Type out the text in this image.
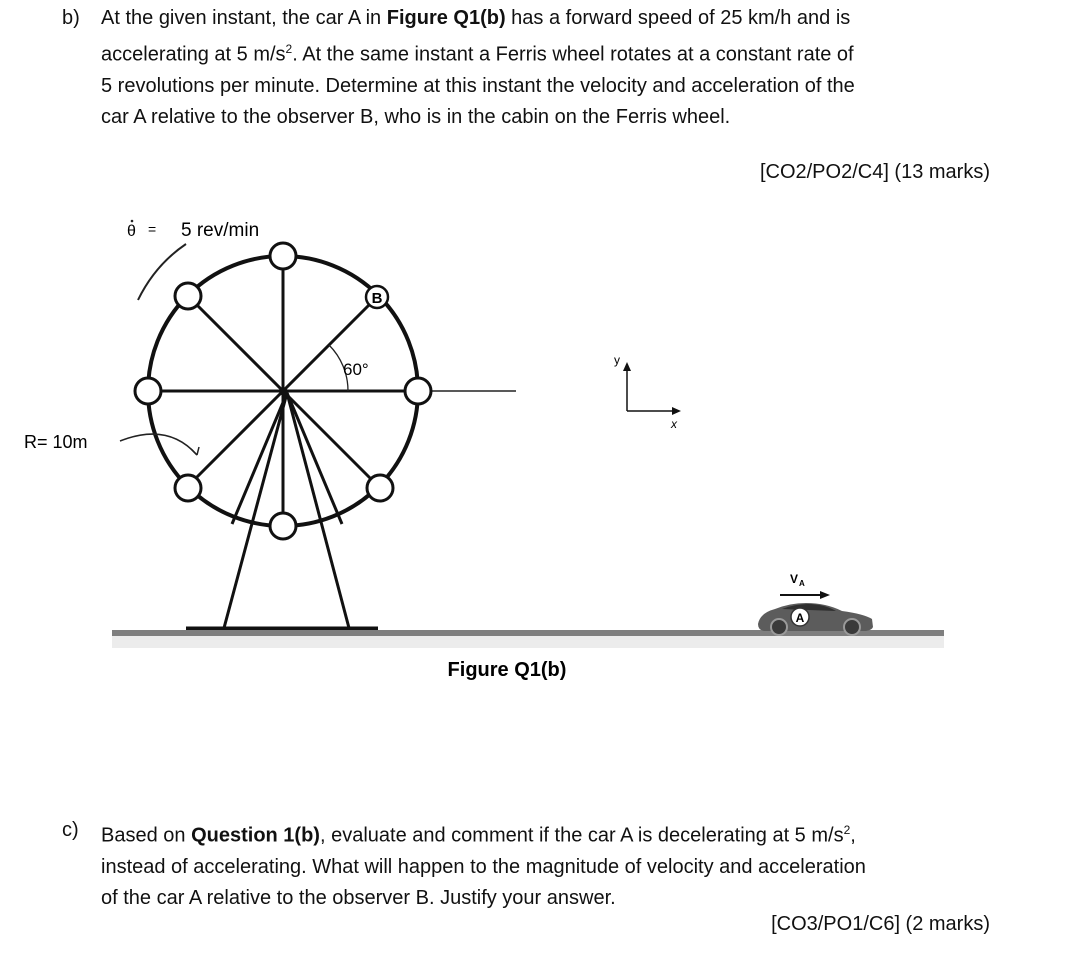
b) At the given instant, the car A in Figure Q1(b) has a forward speed of 25 km/h and is
accelerating at 5 $m/s^2$. At the same instant a Ferris wheel rotates at a constant rate of
5 revolutions per minute. Determine at this instant the velocity and acceleration of the
car A relative to the observer B, who is in the cabin on the Ferris wheel.
[CO2/PO2/C4] (13 marks)
θ = 5 rev/min
60°
B
R= 10m
y
x
V A
A
Figure Q1(b)
c) Based on Question 1(b), evaluate and comment if the car A is decelerating at 5 $m/s^2$,
instead of accelerating. What will happen to the magnitude of velocity and acceleration
of the car A relative to the observer B. Justify your answer.
[CO3/PO1/C6] (2 marks)
